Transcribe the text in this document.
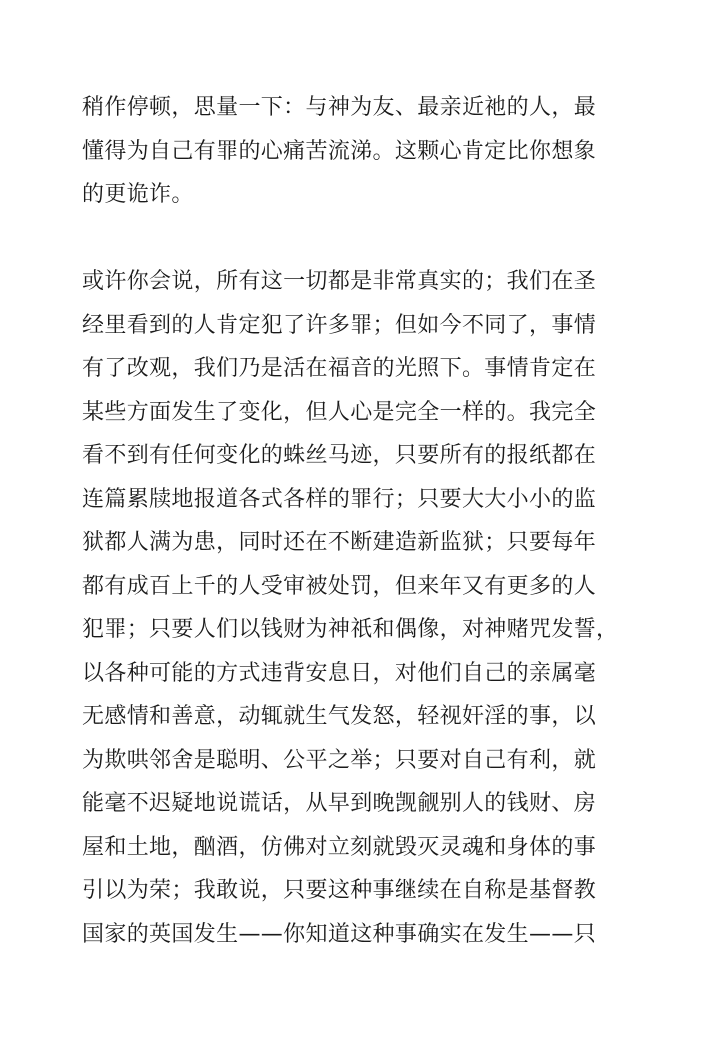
稍作停顿，思量一下：与神为友、最亲近祂的人，最
懂得为自己有罪的心痛苦流涕。这颗心肯定比你想象
的更诡诈。

或许你会说，所有这一切都是非常真实的；我们在圣
经里看到的人肯定犯了许多罪；但如今不同了，事情
有了改观，我们乃是活在福音的光照下。事情肯定在
某些方面发生了变化，但人心是完全一样的。我完全
看不到有任何变化的蛛丝马迹，只要所有的报纸都在
连篇累牍地报道各式各样的罪行；只要大大小小的监
狱都人满为患，同时还在不断建造新监狱；只要每年
都有成百上千的人受审被处罚，但来年又有更多的人
犯罪；只要人们以钱财为神祇和偶像，对神赌咒发誓，
以各种可能的方式违背安息日，对他们自己的亲属毫
无感情和善意，动辄就生气发怒，轻视奸淫的事，以
为欺哄邻舍是聪明、公平之举；只要对自己有利，就
能毫不迟疑地说谎话，从早到晚觊觎别人的钱财、房
屋和土地，酗酒，仿佛对立刻就毁灭灵魂和身体的事
引以为荣；我敢说，只要这种事继续在自称是基督教
国家的英国发生——你知道这种事确实在发生——只
